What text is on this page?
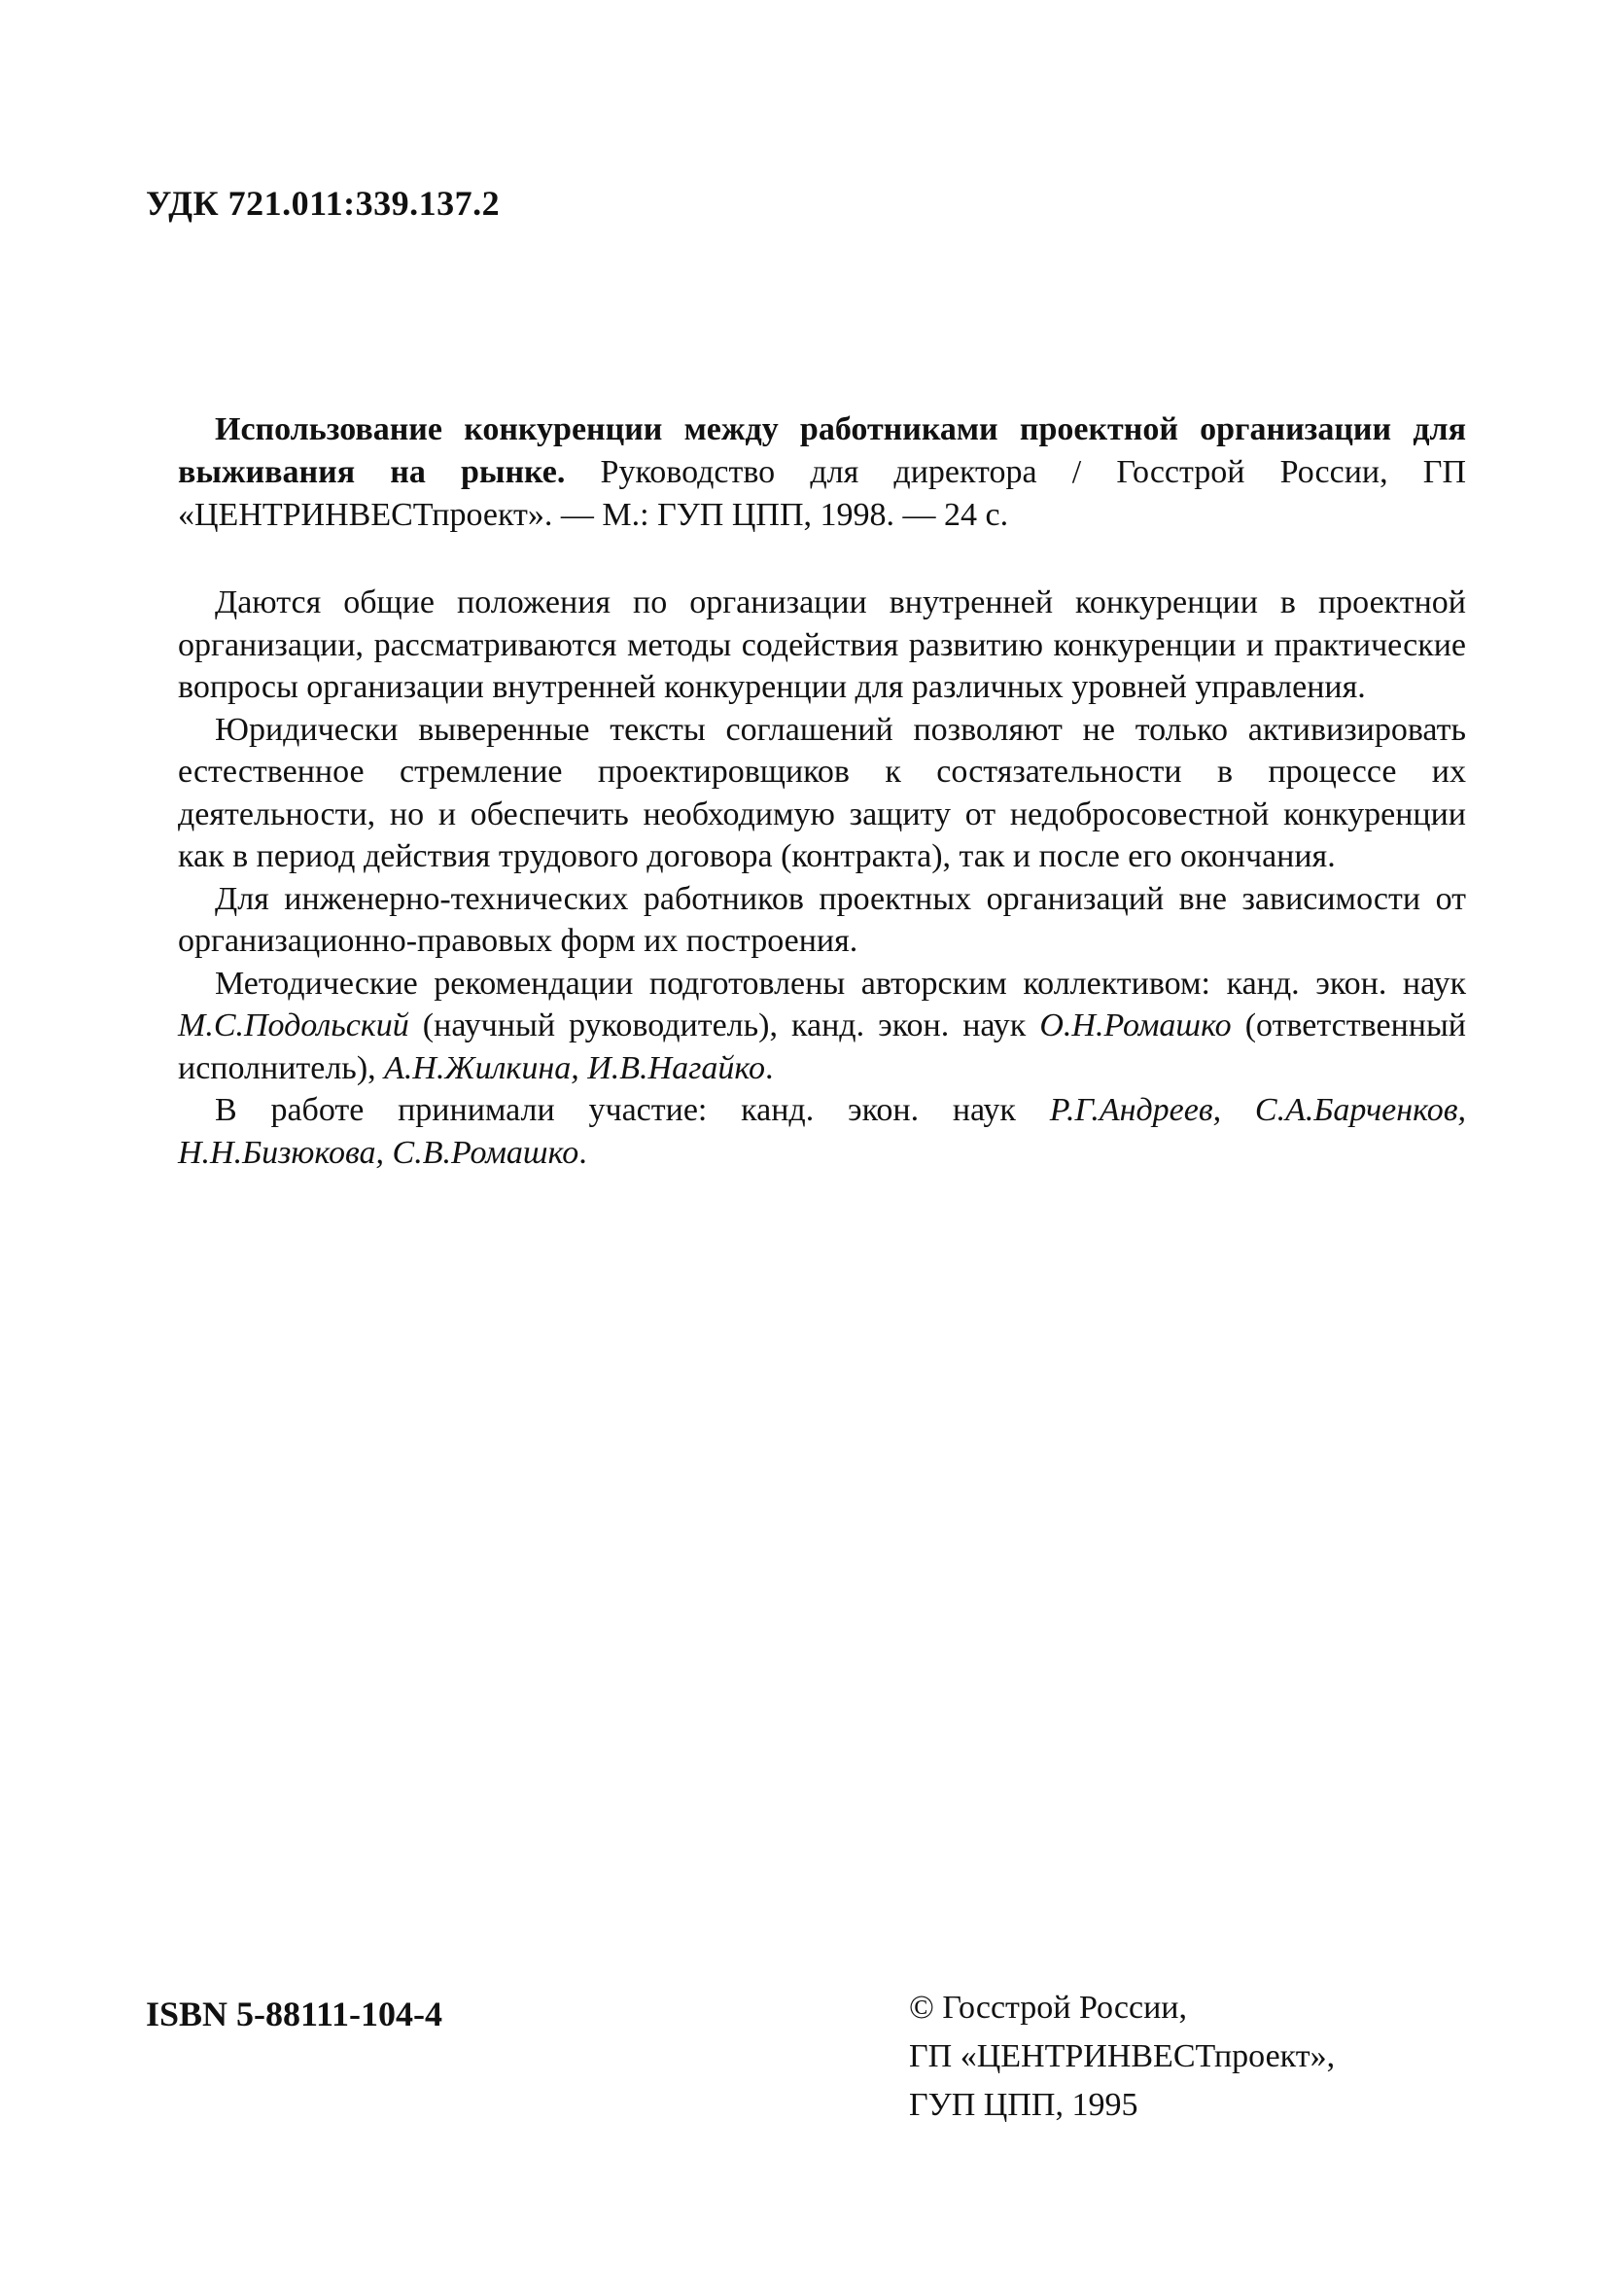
УДК 721.011:339.137.2

Использование конкуренции между работниками проектной организации для выживания на рынке. Руководство для директора / Госстрой России, ГП «ЦЕНТРИНВЕСТпроект». — М.: ГУП ЦПП, 1998. — 24 с.

Даются общие положения по организации внутренней конкуренции в проектной организации, рассматриваются методы содействия развитию конкуренции и практические вопросы организации внутренней конкуренции для различных уровней управления.

Юридически выверенные тексты соглашений позволяют не только активизировать естественное стремление проектировщиков к состязательности в процессе их деятельности, но и обеспечить необходимую защиту от недобросовестной конкуренции как в период действия трудового договора (контракта), так и после его окончания.

Для инженерно-технических работников проектных организаций вне зависимости от организационно-правовых форм их построения.

Методические рекомендации подготовлены авторским коллективом: канд. экон. наук М.С.Подольский (научный руководитель), канд. экон. наук О.Н.Ромашко (ответственный исполнитель), А.Н.Жилкина, И.В.Нагайко.

В работе принимали участие: канд. экон. наук Р.Г.Андреев, С.А.Барченков, Н.Н.Бизюкова, С.В.Ромашко.

ISBN 5-88111-104-4	© Госстрой России,
ГП «ЦЕНТРИНВЕСТпроект»,
ГУП ЦПП, 1995
